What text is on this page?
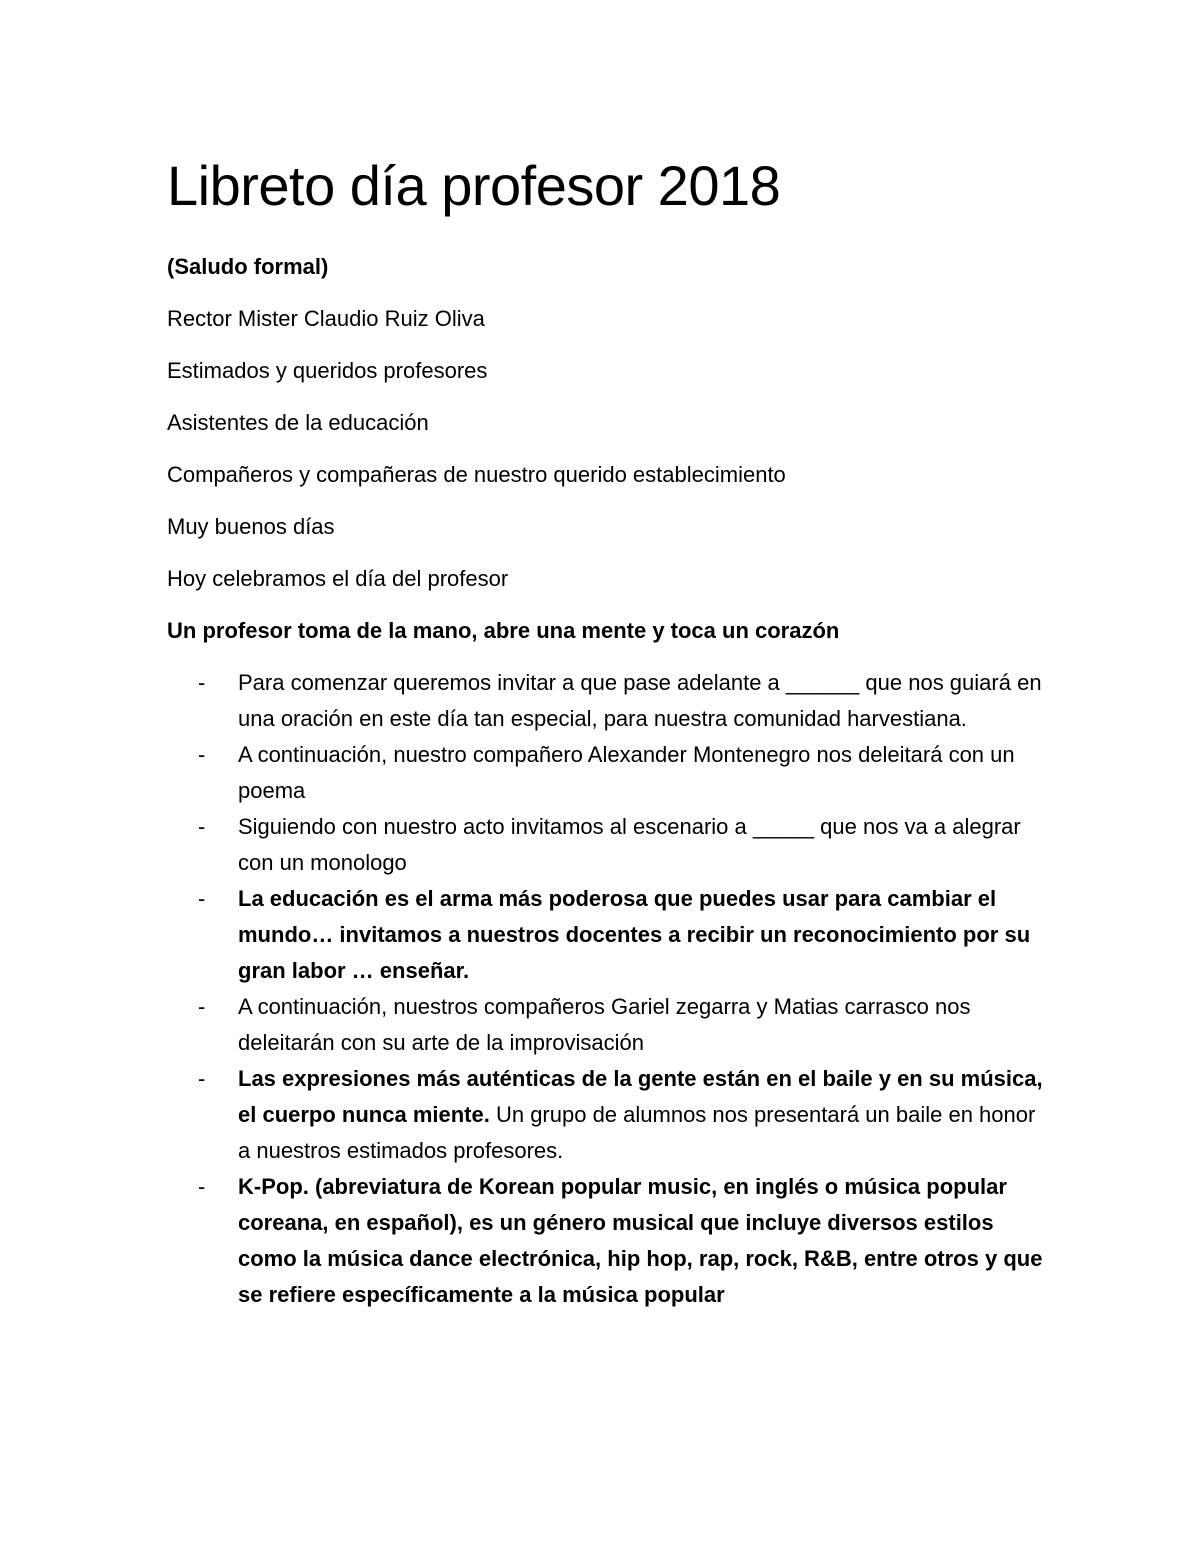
Libreto día profesor 2018

(Saludo formal)

Rector Mister Claudio Ruiz Oliva

Estimados y queridos profesores

Asistentes de la educación

Compañeros y compañeras de nuestro querido establecimiento

Muy buenos días

Hoy celebramos el día del profesor

Un profesor toma de la mano, abre una mente y toca un corazón

-	Para comenzar queremos invitar a que pase adelante a ______ que nos guiará en una oración en este día tan especial, para nuestra comunidad harvestiana.
-	A continuación, nuestro compañero Alexander Montenegro nos deleitará con un poema
-	Siguiendo con nuestro acto invitamos al escenario a _____ que nos va a alegrar con un monologo
-	La educación es el arma más poderosa que puedes usar para cambiar el mundo… invitamos a nuestros docentes a recibir un reconocimiento por su gran labor … enseñar.
-	A continuación, nuestros compañeros Gariel zegarra y Matias carrasco nos deleitarán con su arte de la improvisación
-	Las expresiones más auténticas de la gente están en el baile y en su música, el cuerpo nunca miente. Un grupo de alumnos nos presentará un baile en honor a nuestros estimados profesores.
-	K-Pop. (abreviatura de Korean popular music, en inglés o música popular coreana, en español), es un género musical que incluye diversos estilos como la música dance electrónica, hip hop, rap, rock, R&B, entre otros y que se refiere específicamente a la música popular
